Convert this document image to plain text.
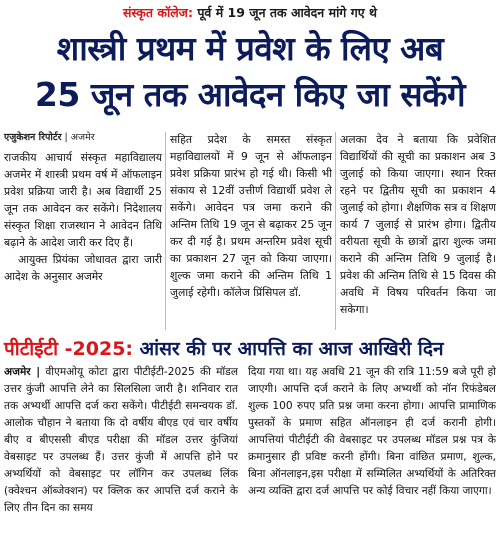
संस्कृत कॉलेज: पूर्व में 19 जून तक आवेदन मांगे गए थे
शास्त्री प्रथम में प्रवेश के लिए अब
25 जून तक आवेदन किए जा सकेंगे
एजुकेशन रिपोर्टर | अजमेर

राजकीय आचार्य संस्कृत महाविद्यालय अजमेर में शास्त्री प्रथम वर्ष में ऑफलाइन प्रवेश प्रक्रिया जारी है। अब विद्यार्थी 25 जून तक आवेदन कर सकेंगे। निदेशालय संस्कृत शिक्षा राजस्थान ने आवेदन तिथि बढ़ाने के आदेश जारी कर दिए हैं।

आयुक्त प्रियंका जोधावत द्वारा जारी आदेश के अनुसार अजमेर

सहित प्रदेश के समस्त संस्कृत महाविद्यालयों में 9 जून से ऑफलाइन प्रवेश प्रक्रिया प्रारंभ हो गई थी। किसी भी संकाय से 12वीं उत्तीर्ण विद्यार्थी प्रवेश ले सकेंगे। आवेदन पत्र जमा कराने की अन्तिम तिथि 19 जून से बढ़ाकर 25 जून कर दी गई है। प्रथम अन्तरिम प्रवेश सूची का प्रकाशन 27 जून को किया जाएगा। शुल्क जमा कराने की अन्तिम तिथि 1 जुलाई रहेगी। कॉलेज प्रिंसिपल डॉ.

अलका देव ने बताया कि प्रवेशित विद्यार्थियों की सूची का प्रकाशन अब 3 जुलाई को किया जाएगा। स्थान रिक्त रहने पर द्वितीय सूची का प्रकाशन 4 जुलाई को होगा। शैक्षणिक सत्र व शिक्षण कार्य 7 जुलाई से प्रारंभ होगा। द्वितीय वरीयता सूची के छात्रों द्वारा शुल्क जमा कराने की अन्तिम तिथि 9 जुलाई है। प्रवेश की अन्तिम तिथि से 15 दिवस की अवधि में विषय परिवर्तन किया जा सकेगा।

पीटीईटी -2025: आंसर की पर आपत्ति का आज आखिरी दिन

अजमेर | वीएमओयू कोटा द्वारा पीटीईटी-2025 की मॉडल उत्तर कुंजी आपत्ति लेने का सिलसिला जारी है। शनिवार रात तक अभ्यर्थी आपत्ति दर्ज करा सकेंगे। पीटीईटी समन्वयक डॉ. आलोक चौहान ने बताया कि दो वर्षीय बीएड एवं चार वर्षीय बीए व बीएससी बीएड परीक्षा की मॉडल उत्तर कुंजियां वेबसाइट पर उपलब्ध हैं। उत्तर कुंजी में आपत्ति होने पर अभ्यर्थियों को वेबसाइट पर लॉगिन कर उपलब्ध लिंक (क्वेश्चन ऑब्जेक्शन) पर क्लिक कर आपत्ति दर्ज कराने के लिए तीन दिन का समय

दिया गया था। यह अवधि 21 जून की रात्रि 11:59 बजे पूरी हो जाएगी। आपत्ति दर्ज कराने के लिए अभ्यर्थी को नॉन रिफंडेबल शुल्क 100 रुपए प्रति प्रश्न जमा करना होगा। आपत्ति प्रामाणिक पुस्तकों के प्रमाण सहित ऑनलाइन ही दर्ज करानी होगी। आपत्तियां पीटीईटी की वेबसाइट पर उपलब्ध मॉडल प्रश्न पत्र के क्रमानुसार ही प्रविष्ट करनी होंगी। बिना वांछित प्रमाण, शुल्क, बिना ऑनलाइन,इस परीक्षा में सम्मिलित अभ्यर्थियों के अतिरिक्त अन्य व्यक्ति द्वारा दर्ज आपत्ति पर कोई विचार नहीं किया जाएगा।
